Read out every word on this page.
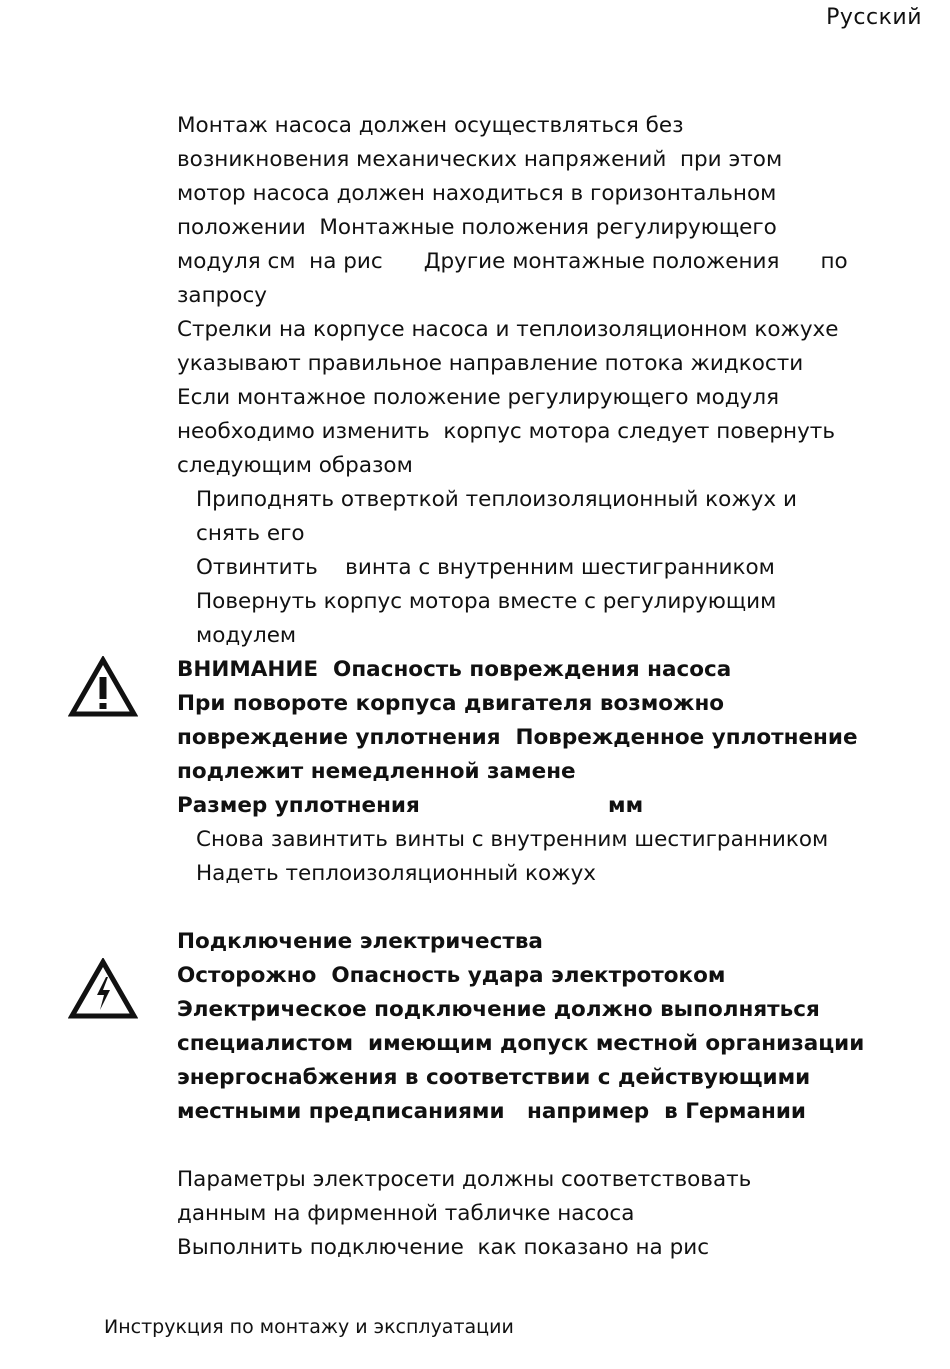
Русский
Монтаж насоса должен осуществляться без
возникновения механических напряжений  при этом
мотор насоса должен находиться в горизонтальном
положении  Монтажные положения регулирующего
модуля см  на рис      Другие монтажные положения      по
запросу
Стрелки на корпусе насоса и теплоизоляционном кожухе
указывают правильное направление потока жидкости
Если монтажное положение регулирующего модуля
необходимо изменить  корпус мотора следует повернуть
следующим образом
Приподнять отверткой теплоизоляционный кожух и
снять его
Отвинтить    винта с внутренним шестигранником
Повернуть корпус мотора вместе с регулирующим
модулем
ВНИМАНИЕ  Опасность повреждения насоса
При повороте корпуса двигателя возможно
повреждение уплотнения  Поврежденное уплотнение
подлежит немедленной замене
Размер уплотнения	мм
Снова завинтить винты с внутренним шестигранником
Надеть теплоизоляционный кожух
Подключение электричества
Осторожно  Опасность удара электротоком
Электрическое подключение должно выполняться
специалистом  имеющим допуск местной организации
энергоснабжения в соответствии с действующими
местными предписаниями   например  в Германии
Параметры электросети должны соответствовать
данным на фирменной табличке насоса
Выполнить подключение  как показано на рис
Инструкция по монтажу и эксплуатации
